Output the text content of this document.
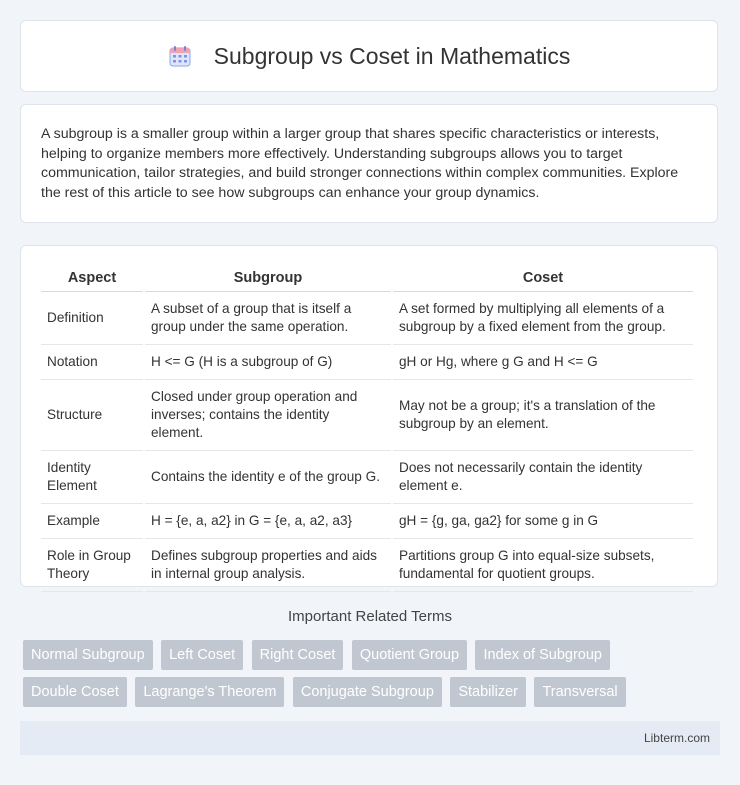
Subgroup vs Coset in Mathematics

A subgroup is a smaller group within a larger group that shares specific characteristics or interests, helping to organize members more effectively. Understanding subgroups allows you to target communication, tailor strategies, and build stronger connections within complex communities. Explore the rest of this article to see how subgroups can enhance your group dynamics.

Aspect	Subgroup	Coset
Definition	A subset of a group that is itself a group under the same operation.	A set formed by multiplying all elements of a subgroup by a fixed element from the group.
Notation	H <= G (H is a subgroup of G)	gH or Hg, where g G and H <= G
Structure	Closed under group operation and inverses; contains the identity element.	May not be a group; it's a translation of the subgroup by an element.
Identity Element	Contains the identity e of the group G.	Does not necessarily contain the identity element e.
Example	H = {e, a, a2} in G = {e, a, a2, a3}	gH = {g, ga, ga2} for some g in G
Role in Group Theory	Defines subgroup properties and aids in internal group analysis.	Partitions group G into equal-size subsets, fundamental for quotient groups.
Important Related Terms
Normal Subgroup Left Coset Right Coset Quotient Group Index of Subgroup Double Coset Lagrange's Theorem Conjugate Subgroup Stabilizer Transversal
Libterm.com
